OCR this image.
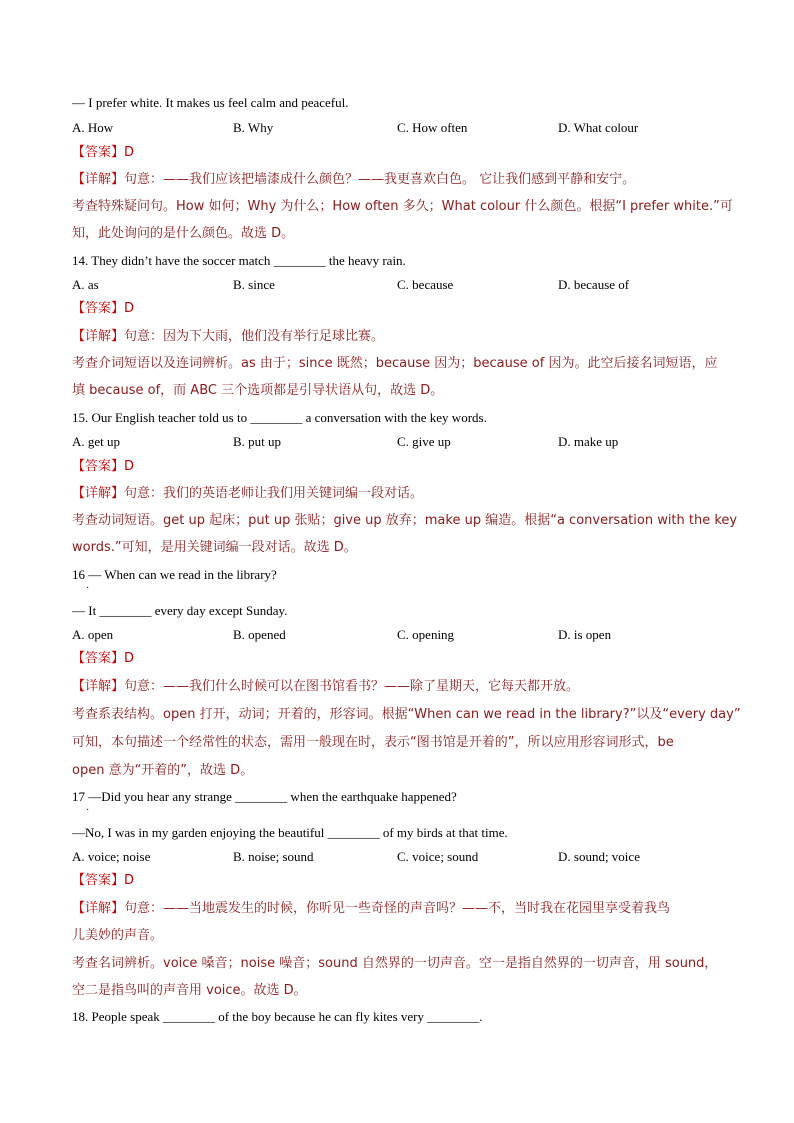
— I prefer white. It makes us feel calm and peaceful.
A. How	B. Why	C. How often	D. What colour
【答案】D
【详解】句意：——我们应该把墙漆成什么颜色？——我更喜欢白色。 它让我们感到平静和安宁。
考查特殊疑问句。How 如何；Why 为什么；How often 多久；What colour 什么颜色。根据“I prefer white.”可
知，此处询问的是什么颜色。故选 D。
14. They didn’t have the soccer match ________ the heavy rain.
A. as	B. since	C. because	D. because of
【答案】D
【详解】句意：因为下大雨，他们没有举行足球比赛。
考查介词短语以及连词辨析。as 由于；since 既然；because 因为；because of 因为。此空后接名词短语，应
填 because of，而 ABC 三个选项都是引导状语从句，故选 D。
15. Our English teacher told us to ________ a conversation with the key words.
A. get up	B. put up	C. give up	D. make up
【答案】D
【详解】句意：我们的英语老师让我们用关键词编一段对话。
考查动词短语。get up 起床；put up 张贴；give up 放弃；make up 编造。根据“a conversation with the key
words.”可知，是用关键词编一段对话。故选 D。
16 — When can we read in the library?
·
— It ________ every day except Sunday.
A. open	B. opened	C. opening	D. is open
【答案】D
【详解】句意：——我们什么时候可以在图书馆看书？——除了星期天，它每天都开放。
考查系表结构。open 打开，动词；开着的，形容词。根据“When can we read in the library?”以及“every day”
可知，本句描述一个经常性的状态，需用一般现在时，表示“图书馆是开着的”，所以应用形容词形式，be
open 意为“开着的”，故选 D。
17 —Did you hear any strange ________ when the earthquake happened?
·
—No, I was in my garden enjoying the beautiful ________ of my birds at that time.
A. voice; noise	B. noise; sound	C. voice; sound	D. sound; voice
【答案】D
【详解】句意：——当地震发生的时候，你听见一些奇怪的声音吗？——不，当时我在花园里享受着我鸟
儿美妙的声音。
考查名词辨析。voice 嗓音；noise 噪音；sound 自然界的一切声音。空一是指自然界的一切声音，用 sound，
空二是指鸟叫的声音用 voice。故选 D。
18. People speak ________ of the boy because he can fly kites very ________.
